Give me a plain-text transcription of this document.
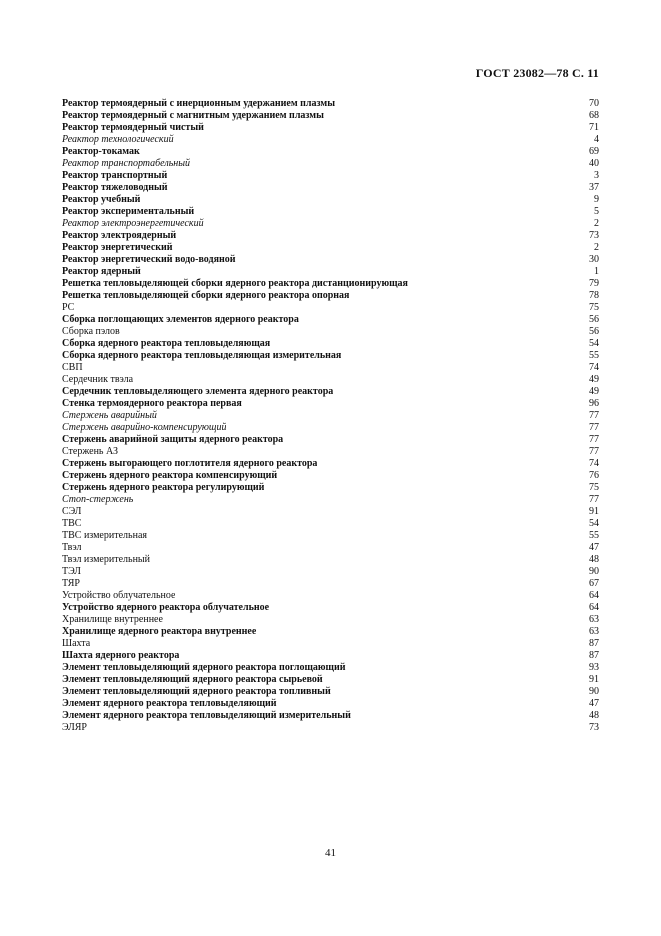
ГОСТ 23082—78 С. 11
Реактор термоядерный с инерционным удержанием плазмы	70
Реактор термоядерный с магнитным удержанием плазмы	68
Реактор термоядерный чистый	71
Реактор технологический	4
Реактор-токамак	69
Реактор транспортабельный	40
Реактор транспортный	3
Реактор тяжеловодный	37
Реактор учебный	9
Реактор экспериментальный	5
Реактор электроэнергетический	2
Реактор электроядерный	73
Реактор энергетический	2
Реактор энергетический водо-водяной	30
Реактор ядерный	1
Решетка тепловыделяющей сборки ядерного реактора дистанционирующая	79
Решетка тепловыделяющей сборки ядерного реактора опорная	78
РС	75
Сборка поглощающих элементов ядерного реактора	56
Сборка пэлов	56
Сборка ядерного реактора тепловыделяющая	54
Сборка ядерного реактора тепловыделяющая измерительная	55
СВП	74
Сердечник твэла	49
Сердечник тепловыделяющего элемента ядерного реактора	49
Стенка термоядерного реактора первая	96
Стержень аварийный	77
Стержень аварийно-компенсирующий	77
Стержень аварийной защиты ядерного реактора	77
Стержень АЗ	77
Стержень выгорающего поглотителя ядерного реактора	74
Стержень ядерного реактора компенсирующий	76
Стержень ядерного реактора регулирующий	75
Стоп-стержень	77
СЭЛ	91
ТВС	54
ТВС измерительная	55
Твэл	47
Твэл измерительный	48
ТЭЛ	90
ТЯР	67
Устройство облучательное	64
Устройство ядерного реактора облучательное	64
Хранилище внутреннее	63
Хранилище ядерного реактора внутреннее	63
Шахта	87
Шахта ядерного реактора	87
Элемент тепловыделяющий ядерного реактора поглощающий	93
Элемент тепловыделяющий ядерного реактора сырьевой	91
Элемент тепловыделяющий ядерного реактора топливный	90
Элемент ядерного реактора тепловыделяющий	47
Элемент ядерного реактора тепловыделяющий измерительный	48
ЭЛЯР	73
41
